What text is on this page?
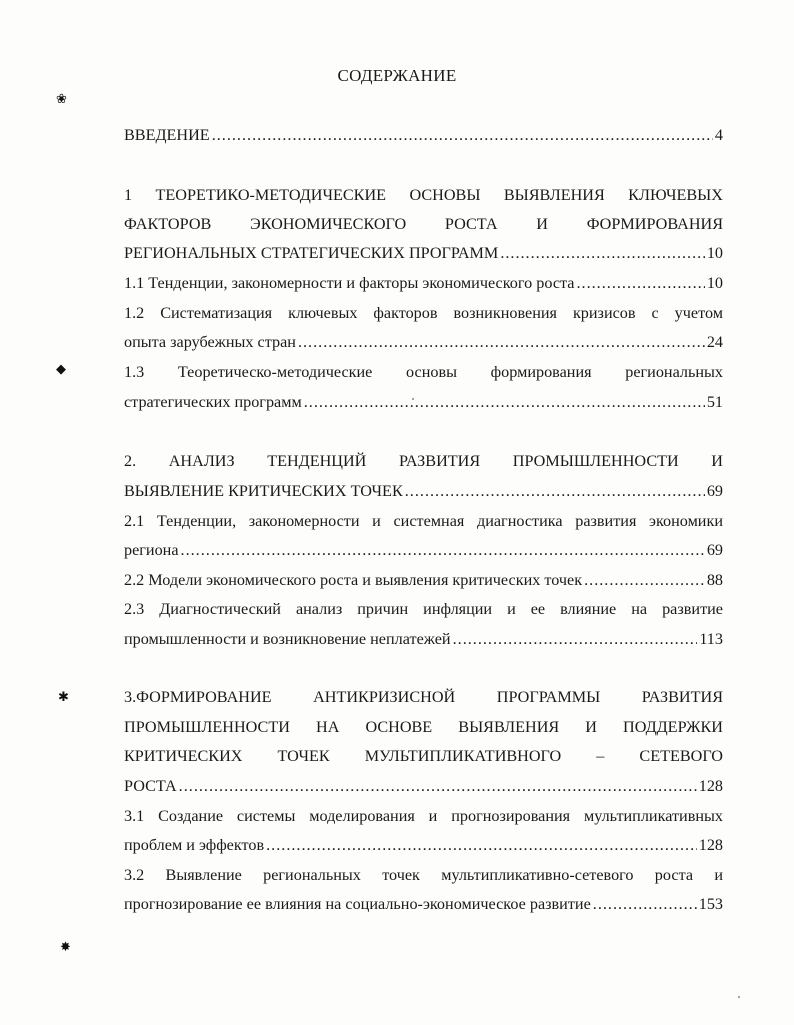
СОДЕРЖАНИЕ
❀
◆
✱
✸
ВВЕДЕНИЕ .....	4
1 ТЕОРЕТИКО-МЕТОДИЧЕСКИЕ ОСНОВЫ ВЫЯВЛЕНИЯ КЛЮЧЕВЫХ
ФАКТОРОВ ЭКОНОМИЧЕСКОГО РОСТА И ФОРМИРОВАНИЯ
РЕГИОНАЛЬНЫХ СТРАТЕГИЧЕСКИХ ПРОГРАММ .....	10
1.1 Тенденции, закономерности и факторы экономического роста .....	10
1.2 Систематизация ключевых факторов возникновения кризисов с учетом
опыта зарубежных стран .....	24
1.3 Теоретическо-методические основы формирования региональных
стратегических программ .....	51
2. АНАЛИЗ ТЕНДЕНЦИЙ РАЗВИТИЯ ПРОМЫШЛЕННОСТИ И
ВЫЯВЛЕНИЕ КРИТИЧЕСКИХ ТОЧЕК .....	69
2.1 Тенденции, закономерности и системная диагностика развития экономики
региона .....	69
2.2 Модели экономического роста и выявления критических точек .....	88
2.3 Диагностический анализ причин инфляции и ее влияние на развитие
промышленности и возникновение неплатежей .....	113
3.ФОРМИРОВАНИЕ АНТИКРИЗИСНОЙ ПРОГРАММЫ РАЗВИТИЯ
ПРОМЫШЛЕННОСТИ НА ОСНОВЕ ВЫЯВЛЕНИЯ И ПОДДЕРЖКИ
КРИТИЧЕСКИХ ТОЧЕК МУЛЬТИПЛИКАТИВНОГО – СЕТЕВОГО
РОСТА .....	128
3.1 Создание системы моделирования и прогнозирования мультипликативных
проблем и эффектов .....	128
3.2 Выявление региональных точек мультипликативно-сетевого роста и
прогнозирование ее влияния на социально-экономическое развитие .....	153
